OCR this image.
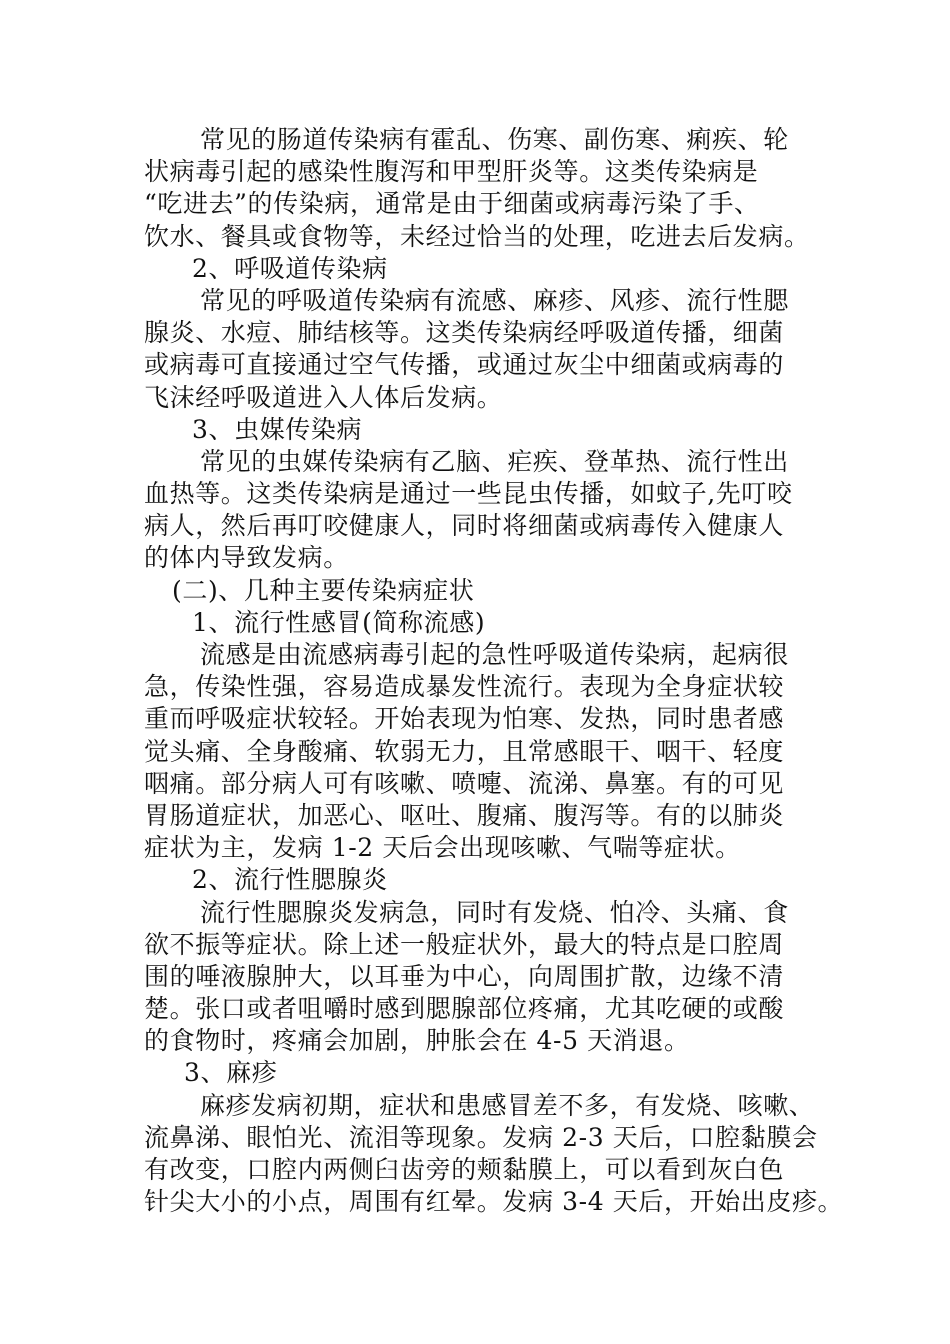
常见的肠道传染病有霍乱、伤寒、副伤寒、痢疾、轮
状病毒引起的感染性腹泻和甲型肝炎等。这类传染病是
“吃进去”的传染病，通常是由于细菌或病毒污染了手、
饮水、餐具或食物等，未经过恰当的处理，吃进去后发病。
2、呼吸道传染病
常见的呼吸道传染病有流感、麻疹、风疹、流行性腮
腺炎、水痘、肺结核等。这类传染病经呼吸道传播，细菌
或病毒可直接通过空气传播，或通过灰尘中细菌或病毒的
飞沫经呼吸道进入人体后发病。
3、虫媒传染病
常见的虫媒传染病有乙脑、疟疾、登革热、流行性出
血热等。这类传染病是通过一些昆虫传播，如蚊子,先叮咬
病人，然后再叮咬健康人，同时将细菌或病毒传入健康人
的体内导致发病。
(二)、几种主要传染病症状
1、流行性感冒(简称流感)
流感是由流感病毒引起的急性呼吸道传染病，起病很
急，传染性强，容易造成暴发性流行。表现为全身症状较
重而呼吸症状较轻。开始表现为怕寒、发热，同时患者感
觉头痛、全身酸痛、软弱无力，且常感眼干、咽干、轻度
咽痛。部分病人可有咳嗽、喷嚏、流涕、鼻塞。有的可见
胃肠道症状，加恶心、呕吐、腹痛、腹泻等。有的以肺炎
症状为主，发病 1-2 天后会出现咳嗽、气喘等症状。
2、流行性腮腺炎
流行性腮腺炎发病急，同时有发烧、怕冷、头痛、食
欲不振等症状。除上述一般症状外，最大的特点是口腔周
围的唾液腺肿大，以耳垂为中心，向周围扩散，边缘不清
楚。张口或者咀嚼时感到腮腺部位疼痛，尤其吃硬的或酸
的食物时，疼痛会加剧，肿胀会在 4-5 天消退。
3、麻疹
麻疹发病初期，症状和患感冒差不多，有发烧、咳嗽、
流鼻涕、眼怕光、流泪等现象。发病 2-3 天后，口腔黏膜会
有改变，口腔内两侧臼齿旁的颊黏膜上，可以看到灰白色
针尖大小的小点，周围有红晕。发病 3-4 天后，开始出皮疹。
